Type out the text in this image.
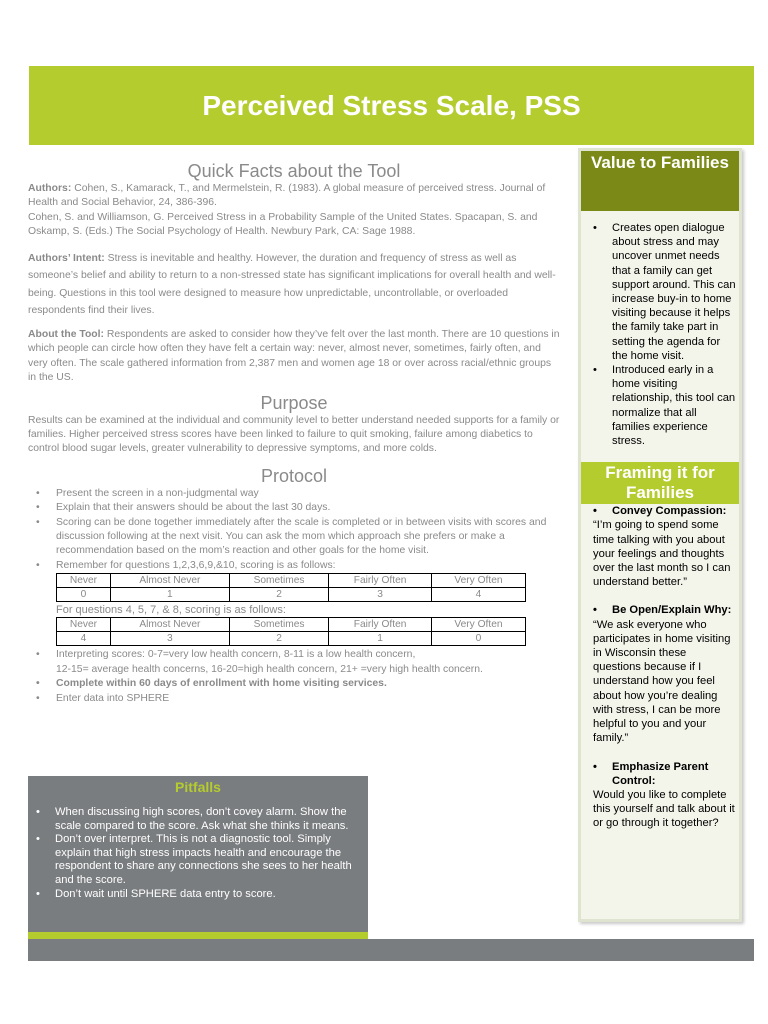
Perceived Stress Scale, PSS
Quick Facts about the Tool

Authors: Cohen, S., Kamarack, T., and Mermelstein, R. (1983). A global measure of perceived stress. Journal of Health and Social Behavior, 24, 386-396.

Cohen, S. and Williamson, G. Perceived Stress in a Probability Sample of the United States. Spacapan, S. and Oskamp, S. (Eds.) The Social Psychology of Health. Newbury Park, CA: Sage 1988.

Authors’ Intent: Stress is inevitable and healthy. However, the duration and frequency of stress as well as someone’s belief and ability to return to a non-stressed state has significant implications for overall health and well-being. Questions in this tool were designed to measure how unpredictable, uncontrollable, or overloaded respondents find their lives.

About the Tool: Respondents are asked to consider how they’ve felt over the last month. There are 10 questions in which people can circle how often they have felt a certain way: never, almost never, sometimes, fairly often, and very often. The scale gathered information from 2,387 men and women age 18 or over across racial/ethnic groups in the US.

Purpose

Results can be examined at the individual and community level to better understand needed supports for a family or families. Higher perceived stress scores have been linked to failure to quit smoking, failure among diabetics to control blood sugar levels, greater vulnerability to depressive symptoms, and more colds.

Protocol
• Present the screen in a non-judgmental way
• Explain that their answers should be about the last 30 days.
• Scoring can be done together immediately after the scale is completed or in between visits with scores and discussion following at the next visit. You can ask the mom which approach she prefers or make a recommendation based on the mom’s reaction and other goals for the home visit.
• Remember for questions 1,2,3,6,9,&10, scoring is as follows:
Never	Almost Never	Sometimes	Fairly Often	Very Often
0	1	2	3	4

For questions 4, 5, 7, & 8, scoring is as follows:

Never	Almost Never	Sometimes	Fairly Often	Very Often
4	3	2	1	0
• Interpreting scores: 0-7=very low health concern, 8-11 is a low health concern,
12-15= average health concerns, 16-20=high health concern, 21+ =very high health concern.
• Complete within 60 days of enrollment with home visiting services.
• Enter data into SPHERE
Pitfalls
• When discussing high scores, don’t covey alarm. Show the scale compared to the score. Ask what she thinks it means.
• Don’t over interpret. This is not a diagnostic tool. Simply explain that high stress impacts health and encourage the respondent to share any connections she sees to her health and the score.
• Don’t wait until SPHERE data entry to score.
Value to Families
• Creates open dialogue about stress and may uncover unmet needs that a family can get support around. This can increase buy-in to home visiting because it helps the family take part in setting the agenda for the home visit.
• Introduced early in a home visiting relationship, this tool can normalize that all families experience stress.
Framing it for Families
• Convey Compassion:

“I’m going to spend some time talking with you about your feelings and thoughts over the last month so I can understand better.”

• Be Open/Explain Why:

“We ask everyone who participates in home visiting in Wisconsin these questions because if I understand how you feel about how you’re dealing with stress, I can be more helpful to you and your family.”

• Emphasize Parent Control:

Would you like to complete this yourself and talk about it or go through it together?
